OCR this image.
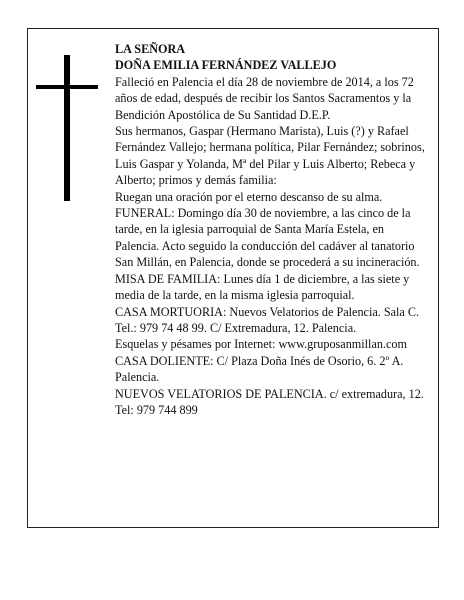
LA SEÑORA

DOÑA EMILIA FERNÁNDEZ VALLEJO

Falleció en Palencia el día 28 de noviembre de 2014, a los 72 años de edad, después de recibir los Santos Sacramentos y la Bendición Apostólica de Su Santidad D.E.P.

Sus hermanos, Gaspar (Hermano Marista), Luis (?) y Rafael Fernández Vallejo; hermana política, Pilar Fernández; sobrinos, Luis Gaspar y Yolanda, Mª del Pilar y Luis Alberto; Rebeca y Alberto; primos y demás familia:

Ruegan una oración por el eterno descanso de su alma.

FUNERAL: Domingo día 30 de noviembre, a las cinco de la tarde, en la iglesia parroquial de Santa María Estela, en Palencia. Acto seguido la conducción del cadáver al tanatorio San Millán, en Palencia, donde se procederá a su incineración.

MISA DE FAMILIA: Lunes día 1 de diciembre, a las siete y media de la tarde, en la misma iglesia parroquial.

CASA MORTUORIA: Nuevos Velatorios de Palencia. Sala C. Tel.: 979 74 48 99. C/ Extremadura, 12. Palencia.

Esquelas y pésames por Internet: www.gruposanmillan.com

CASA DOLIENTE: C/ Plaza Doña Inés de Osorio, 6. 2º A. Palencia.

NUEVOS VELATORIOS DE PALENCIA. c/ extremadura, 12. Tel: 979 744 899
